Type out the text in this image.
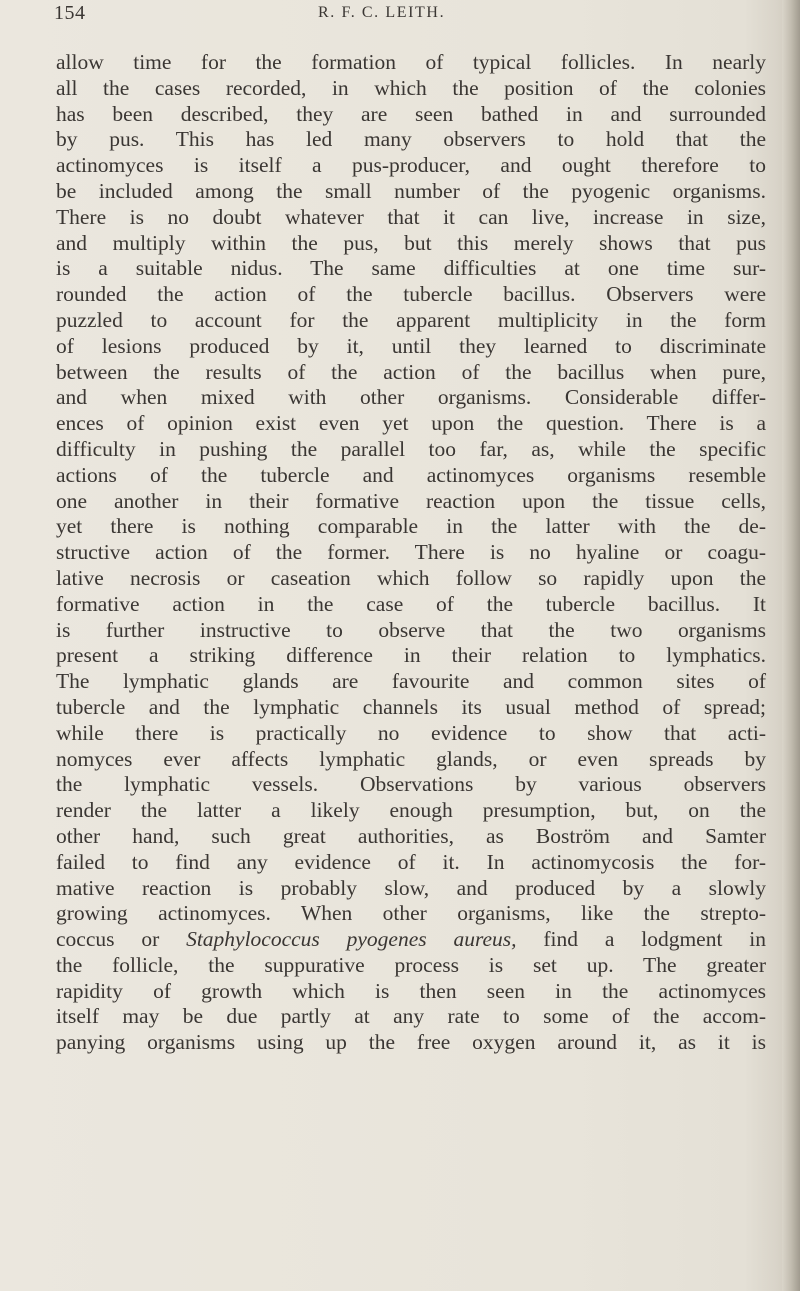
154	R. F. C. LEITH.
allow time for the formation of typical follicles. In nearly
all the cases recorded, in which the position of the colonies
has been described, they are seen bathed in and surrounded
by pus. This has led many observers to hold that the
actinomyces is itself a pus-producer, and ought therefore to
be included among the small number of the pyogenic organisms.
There is no doubt whatever that it can live, increase in size,
and multiply within the pus, but this merely shows that pus
is a suitable nidus. The same difficulties at one time sur-
rounded the action of the tubercle bacillus. Observers were
puzzled to account for the apparent multiplicity in the form
of lesions produced by it, until they learned to discriminate
between the results of the action of the bacillus when pure,
and when mixed with other organisms. Considerable differ-
ences of opinion exist even yet upon the question. There is a
difficulty in pushing the parallel too far, as, while the specific
actions of the tubercle and actinomyces organisms resemble
one another in their formative reaction upon the tissue cells,
yet there is nothing comparable in the latter with the de-
structive action of the former. There is no hyaline or coagu-
lative necrosis or caseation which follow so rapidly upon the
formative action in the case of the tubercle bacillus. It
is further instructive to observe that the two organisms
present a striking difference in their relation to lymphatics.
The lymphatic glands are favourite and common sites of
tubercle and the lymphatic channels its usual method of spread;
while there is practically no evidence to show that acti-
nomyces ever affects lymphatic glands, or even spreads by
the lymphatic vessels. Observations by various observers
render the latter a likely enough presumption, but, on the
other hand, such great authorities, as Boström and Samter
failed to find any evidence of it. In actinomycosis the for-
mative reaction is probably slow, and produced by a slowly
growing actinomyces. When other organisms, like the strepto-
coccus or Staphylococcus pyogenes aureus, find a lodgment in
the follicle, the suppurative process is set up. The greater
rapidity of growth which is then seen in the actinomyces
itself may be due partly at any rate to some of the accom-
panying organisms using up the free oxygen around it, as it is
